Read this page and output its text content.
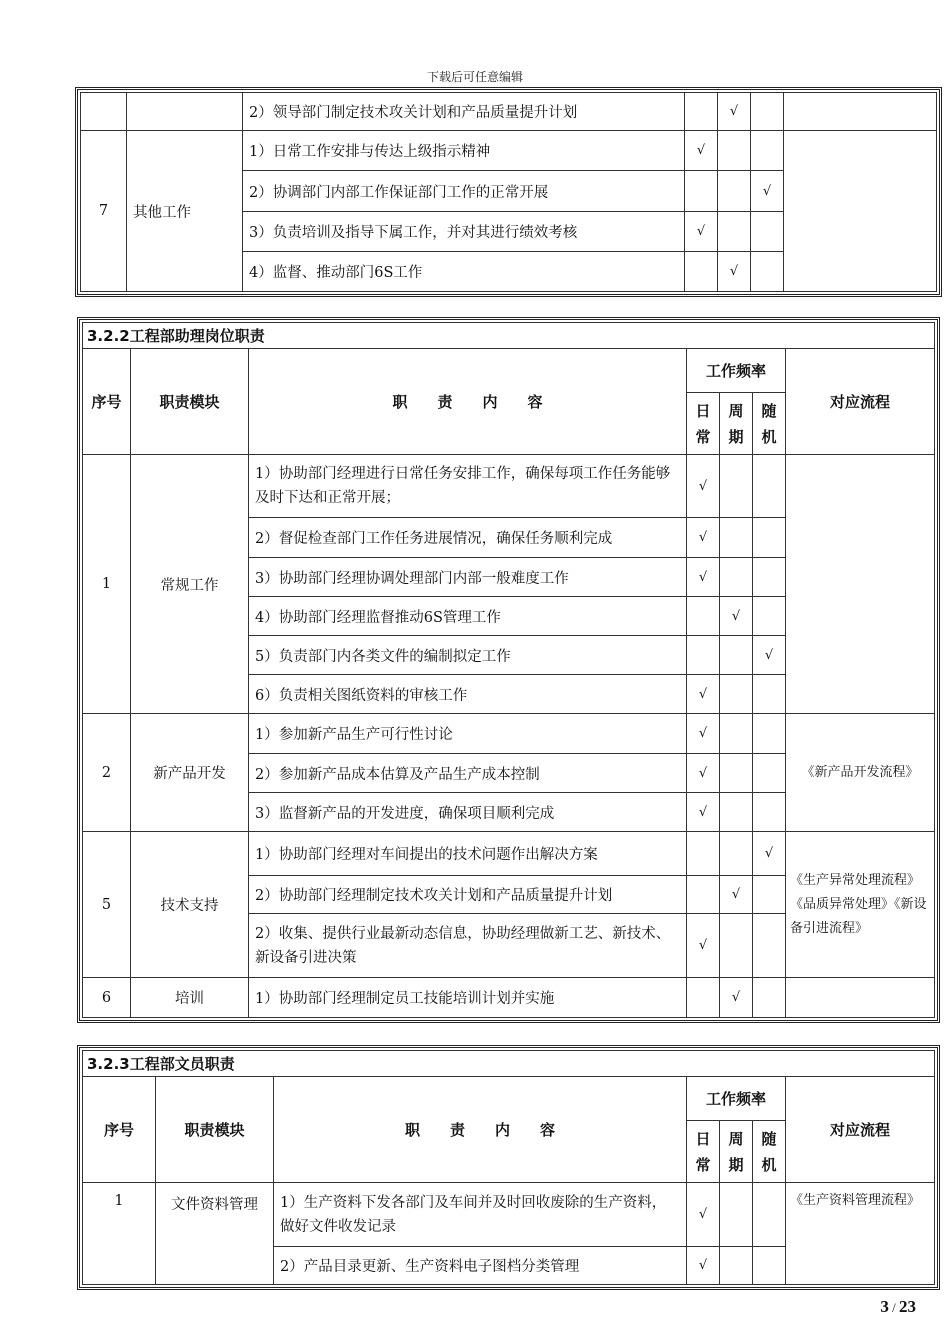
下载后可任意编辑
		2）领导部门制定技术攻关计划和产品质量提升计划		√		
7	其他工作	1）日常工作安排与传达上级指示精神	√			
		2）协调部门内部工作保证部门工作的正常开展			√	
		3）负责培训及指导下属工作，并对其进行绩效考核	√			
		4）监督、推动部门6S工作		√		
3.2.2工程部助理岗位职责						
序号	职责模块	职　　责　　内　　容	工作频率			对应流程
			日常	周期	随机	
1	常规工作	1）协助部门经理进行日常任务安排工作，确保每项工作任务能够及时下达和正常开展；	√			
		2）督促检查部门工作任务进展情况，确保任务顺利完成	√			
		3）协助部门经理协调处理部门内部一般难度工作	√			
		4）协助部门经理监督推动6S管理工作		√		
		5）负责部门内各类文件的编制拟定工作			√	
		6）负责相关图纸资料的审核工作	√			
2	新产品开发	1）参加新产品生产可行性讨论	√			《新产品开发流程》
		2）参加新产品成本估算及产品生产成本控制	√			
		3）监督新产品的开发进度，确保项目顺利完成	√			
5	技术支持	1）协助部门经理对车间提出的技术问题作出解决方案			√	《生产异常处理流程》《品质异常处理》《新设备引进流程》
		2）协助部门经理制定技术攻关计划和产品质量提升计划		√		
		2）收集、提供行业最新动态信息，协助经理做新工艺、新技术、新设备引进决策	√			
6	培训	1）协助部门经理制定员工技能培训计划并实施		√		
3.2.3工程部文员职责						
序号	职责模块	职　　责　　内　　容	工作频率			对应流程
			日常	周期	随机	
1	文件资料管理	1）生产资料下发各部门及车间并及时回收废除的生产资料，做好文件收发记录	√			《生产资料管理流程》
		2）产品目录更新、生产资料电子图档分类管理	√			
3 / 23
